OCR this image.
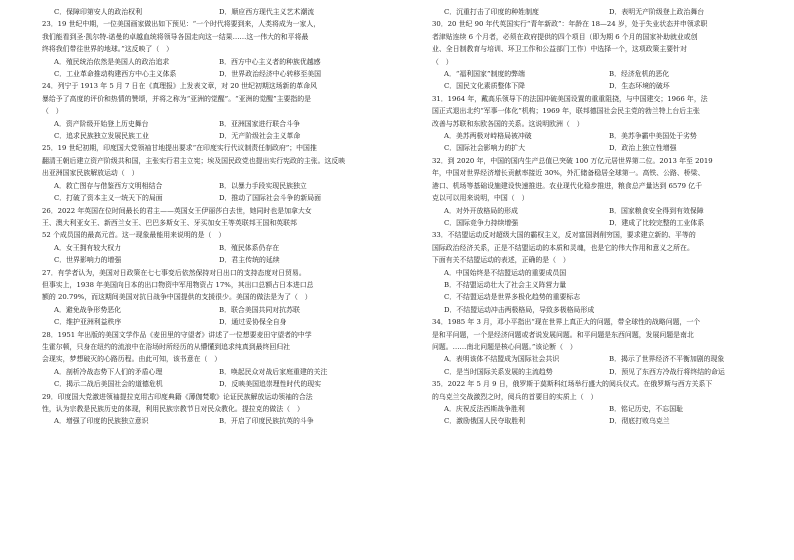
C．保障印第安人的政治权利	D．顺应西方现代主义艺术潮流
23．19 世纪中期，一位美国画家做出如下预见：“一个时代将要到来，人类将成为一家人，
我们能看到圣·凯尔特-诺曼的卓越血统将领导各国走向这一结果……这一伟大的和平将最
终将我们带往世界的地球。”这反映了（　）
A．殖民统治依然是美国人的政治追求	B．西方中心主义者的种族优越感
C．工业革命推动构建西方中心主义体系	D．世界政治经济中心转移至美国
24．列宁于 1913 年 5 月 7 日在《真理报》上发表文章，对 20 世纪初期这场新的革命风
暴给予了高度的评价和热情的赞颂，并将之称为“亚洲的觉醒”。“亚洲的觉醒”主要指的是
（　）
A．资产阶级开始登上历史舞台	B．亚洲国家进行联合斗争
C．追求民族独立发展民族工业	D．无产阶级社会主义革命
25．19 世纪初期，印度国大党领袖甘地提出要求“在印度实行代议制责任制政府”；中国推
翻清王朝后建立资产阶级共和国，主张实行君主立宪；埃及国民政党也提出实行宪政的主张。这反映
出亚洲国家民族解放运动（　）
A．救亡图存与借鉴西方文明相结合	B．以暴力手段实现民族独立
C．打破了资本主义一统天下的局面	D．推动了国际社会斗争的新局面
26．2022 年英国在位时间最长的君主——英国女王伊丽莎白去世，她同时也是加拿大女
王、澳大利亚女王、新西兰女王、巴巴多斯女王、牙买加女王等英联邦王国和英联邦
52 个成员国的最高元首。这一现象最能用来说明的是（　）
A．女王拥有较大权力	B．殖民体系仍存在
C．世界影响力的增强	D．君主传统的延续
27．有学者认为，美国对日政策在七七事变后依然保持对日出口的支持态度对日贸易。
但事实上，1938 年美国向日本的出口物资中军用物资占 17%，其出口总额占日本进口总
额的 20.79%，而这期间美国对抗日战争中国提供的支援很少。美国的做法是为了（　）
A．避免战争形势恶化	B．联合美国共同对抗苏联
C．维护亚洲利益秩序	D．通过妥协保全自身
28．1951 年出版的美国文学作品《麦田里的守望者》讲述了一位想要麦田守望者的中学
生霍尔顿，只身在纽约的流浪中在浴场时所经历的从懵懂到追求纯真到最终回归社
会现实，梦想破灭的心路历程。由此可知，该书意在（　）
A．剖析冷战态势下人们的矛盾心理	B．唤起民众对战后家庭重建的关注
C．揭示二战后美国社会的道德危机	D．反映美国追崇理性时代的现实
29．印度国大党激进领袖提拉克用古印度典籍《薄伽梵歌》论证民族解放运动领袖的合法
性，认为宗教是民族历史的体现，利用民族宗教节日对民众教化。提拉克的做法（　）
A．增强了印度的民族独立意识	B．开启了印度民族抗英的斗争
C．沉重打击了印度的种姓制度	D．表明无产阶级登上政治舞台
30．20 世纪 90 年代英国实行“青年新政”：年龄在 18—24 岁，处于失业状态并申领求职
者津贴连续 6 个月者，必须在政府提供的四个项目（即为期 6 个月的国家补助就业或创
业、全日制教育与培训、环卫工作和公益部门工作）中选择一个，这项政策主要针对
（　）
A．“福利国家”制度的弊端	B．经济危机的恶化
C．国民文化素质整体下降	D．生态环境的破坏
31．1964 年，戴高乐领导下的法国冲破美国设置的重重阻挠，与中国建交；1966 年，法
国正式退出北约“军事一体化”机构；1969 年，联邦德国社会民主党的勃兰特上台后主张
改善与苏联和东欧各国的关系。这说明欧洲（　）
A．美苏两极对峙格局被冲破	B．美苏争霸中美国处于劣势
C．国际社会影响力的扩大	D．政治上独立性增强
32．到 2020 年，中国的国内生产总值已突破 100 万亿元居世界第二位。2013 年至 2019
年，中国对世界经济增长贡献率接近 30%，外汇储备稳居全球第一。高铁、公路、桥梁、
港口、机场等基础设施建设快速推进。农业现代化稳步推进，粮食总产量达到 6579 亿千
克以可以用来说明，中国（　）
A．对外开放格局的形成	B．国家粮食安全得到有效保障
C．国际竞争力持续增强	D．建成了比较完整的工业体系
33．不结盟运动反对超级大国的霸权主义，反对富国剥削穷国，要求建立新的、平等的
国际政治经济关系，正是不结盟运动的本质和灵魂，也是它的伟大作用和意义之所在。
下面有关不结盟运动的表述，正确的是（　）
A．中国始终是不结盟运动的重要成员国
B．不结盟运动壮大了社会主义阵营力量
C．不结盟运动是世界多极化趋势的重要标志
D．不结盟运动冲击两极格局，导致多极格局形成
34．1985 年 3 月，邓小平指出“现在世界上真正大的问题，带全球性的战略问题，一个
是和平问题，一个是经济问题或者说发展问题。和平问题是东西问题，发展问题是南北
问题。……南北问题是核心问题。”该论断（　）
A．表明该体不结盟成为国际社会共识	B．揭示了世界经济不平衡加剧的现象
C．是当时国际关系发展的主流趋势	D．预见了东西方冷战行将终结的命运
35．2022 年 5 月 9 日，俄罗斯于莫斯科红场举行盛大的阅兵仪式。在俄罗斯与西方关系下
的乌克兰交战激烈之时，阅兵的首要目的实质上（　）
A．庆祝反法西斯战争胜利	B．铭记历史，不忘国耻
C．激励俄国人民夺取胜利	D．彻底打败乌克兰
